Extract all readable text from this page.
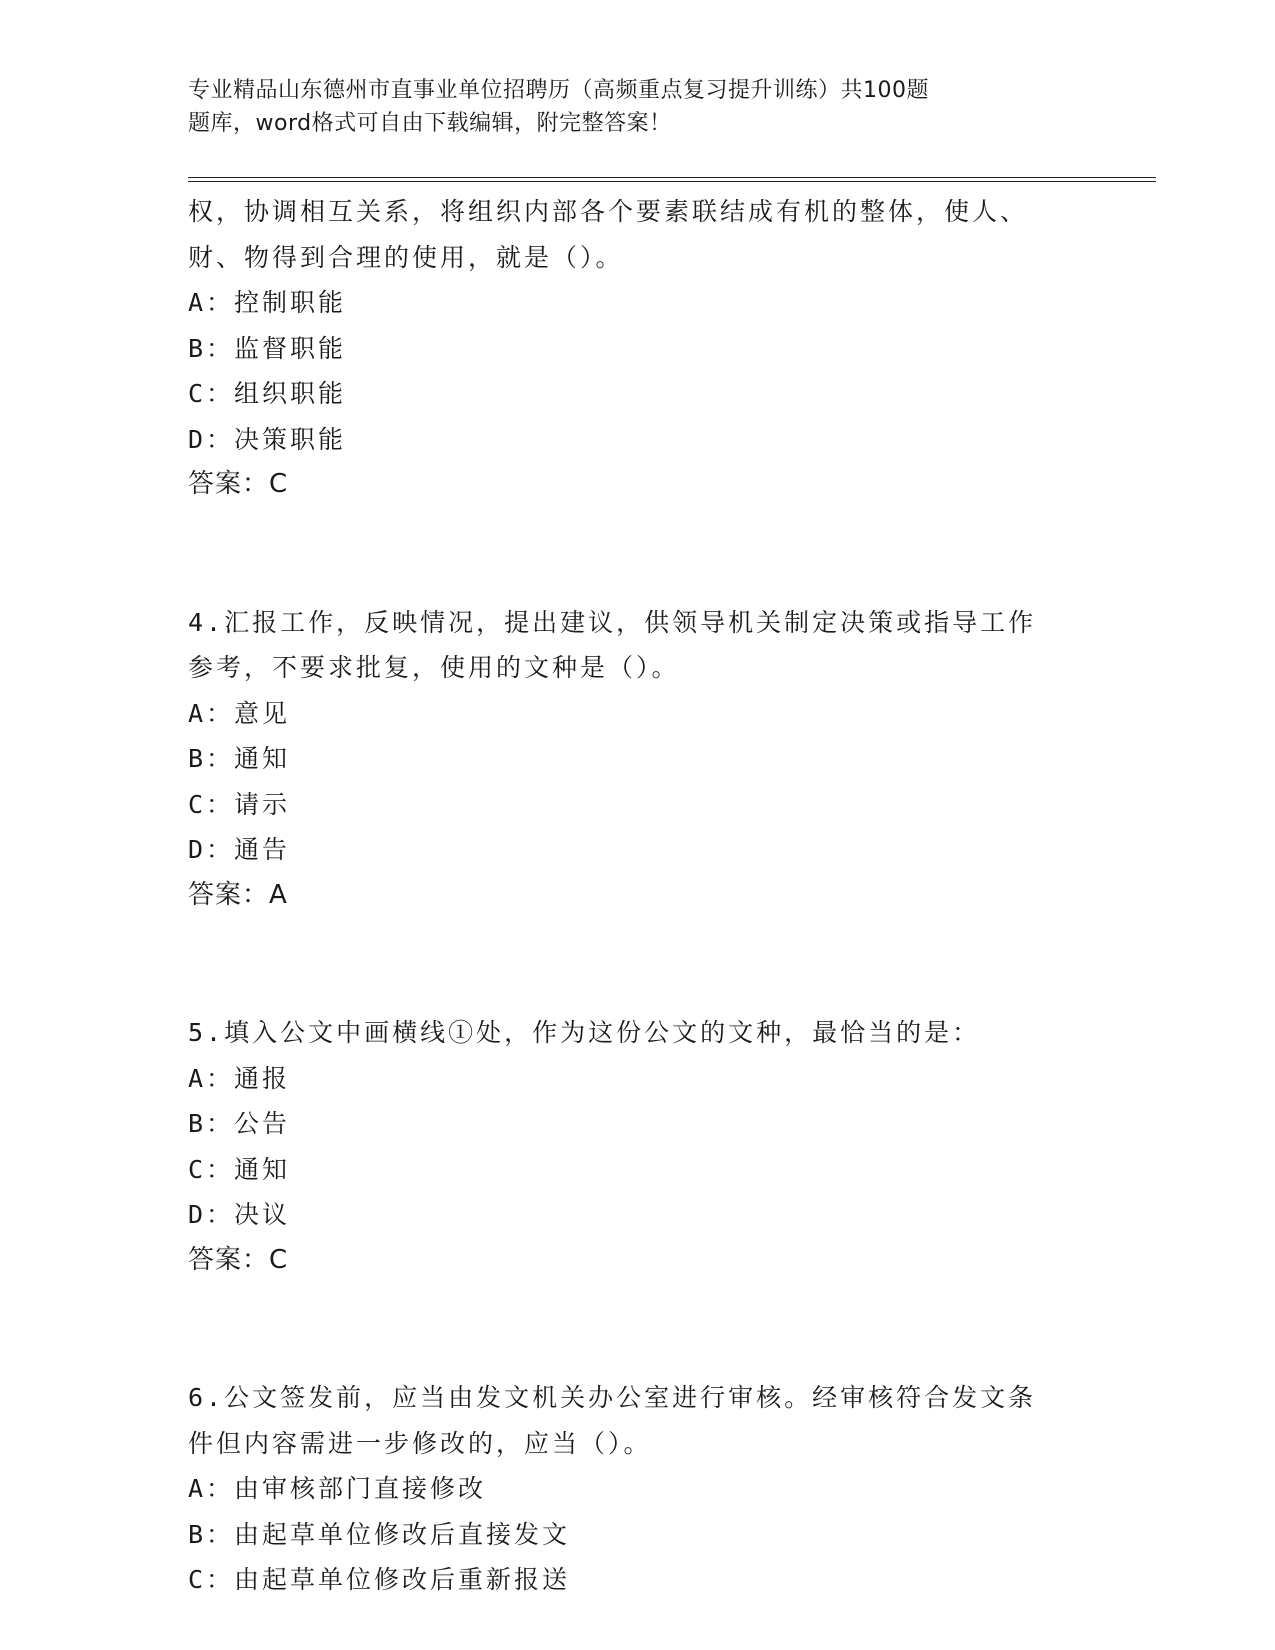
专业精品山东德州市直事业单位招聘历（高频重点复习提升训练）共100题
题库，word格式可自由下载编辑，附完整答案！
权，协调相互关系，将组织内部各个要素联结成有机的整体，使人、
财、物得到合理的使用，就是（）。
A：控制职能
B：监督职能
C：组织职能
D：决策职能
答案：C
4.汇报工作，反映情况，提出建议，供领导机关制定决策或指导工作
参考，不要求批复，使用的文种是（）。
A：意见
B：通知
C：请示
D：通告
答案：A
5.填入公文中画横线①处，作为这份公文的文种，最恰当的是：
A：通报
B：公告
C：通知
D：决议
答案：C
6.公文签发前，应当由发文机关办公室进行审核。经审核符合发文条
件但内容需进一步修改的，应当（）。
A：由审核部门直接修改
B：由起草单位修改后直接发文
C：由起草单位修改后重新报送
